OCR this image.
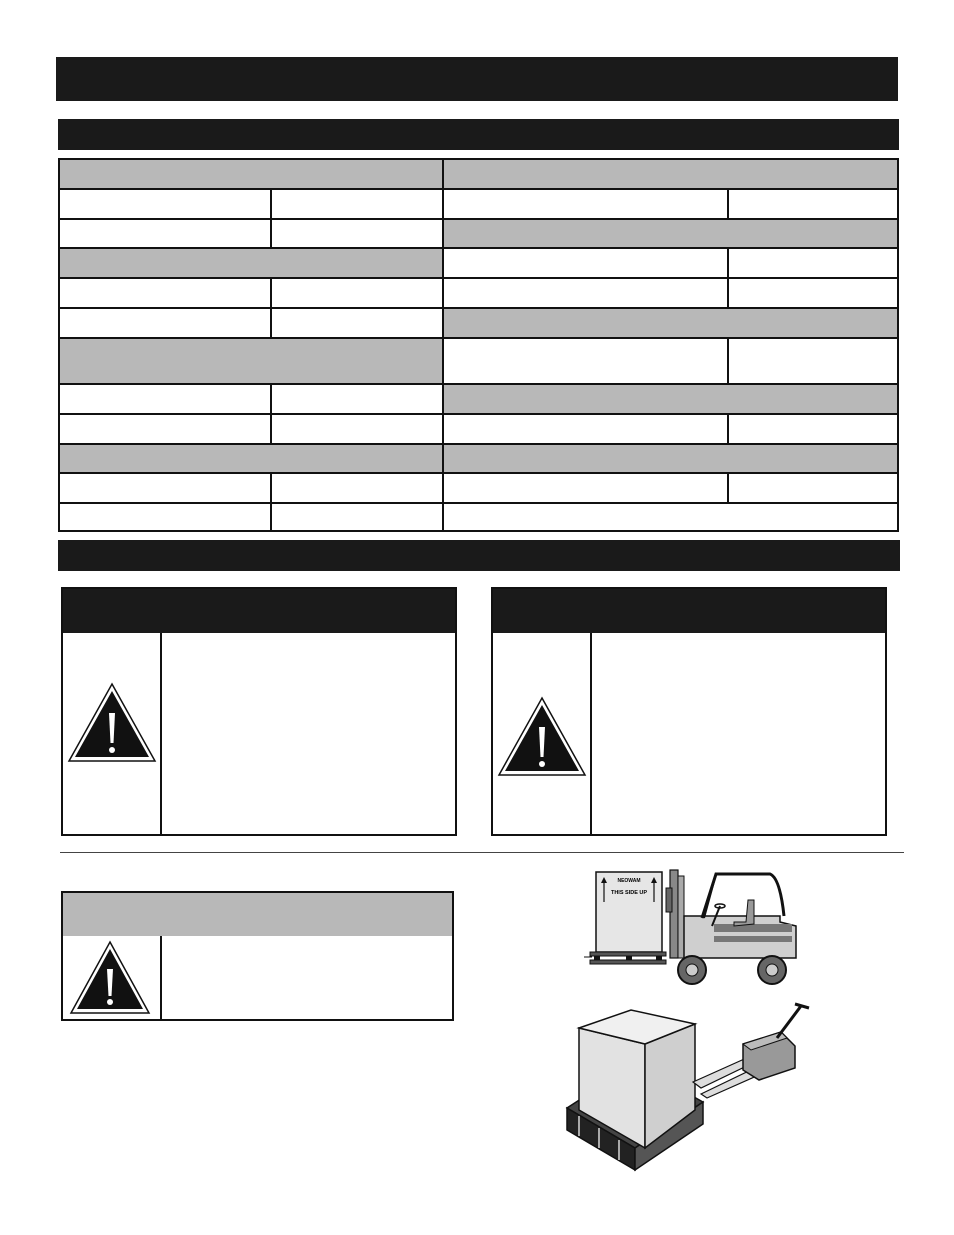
NEOWAM
THIS SIDE UP
